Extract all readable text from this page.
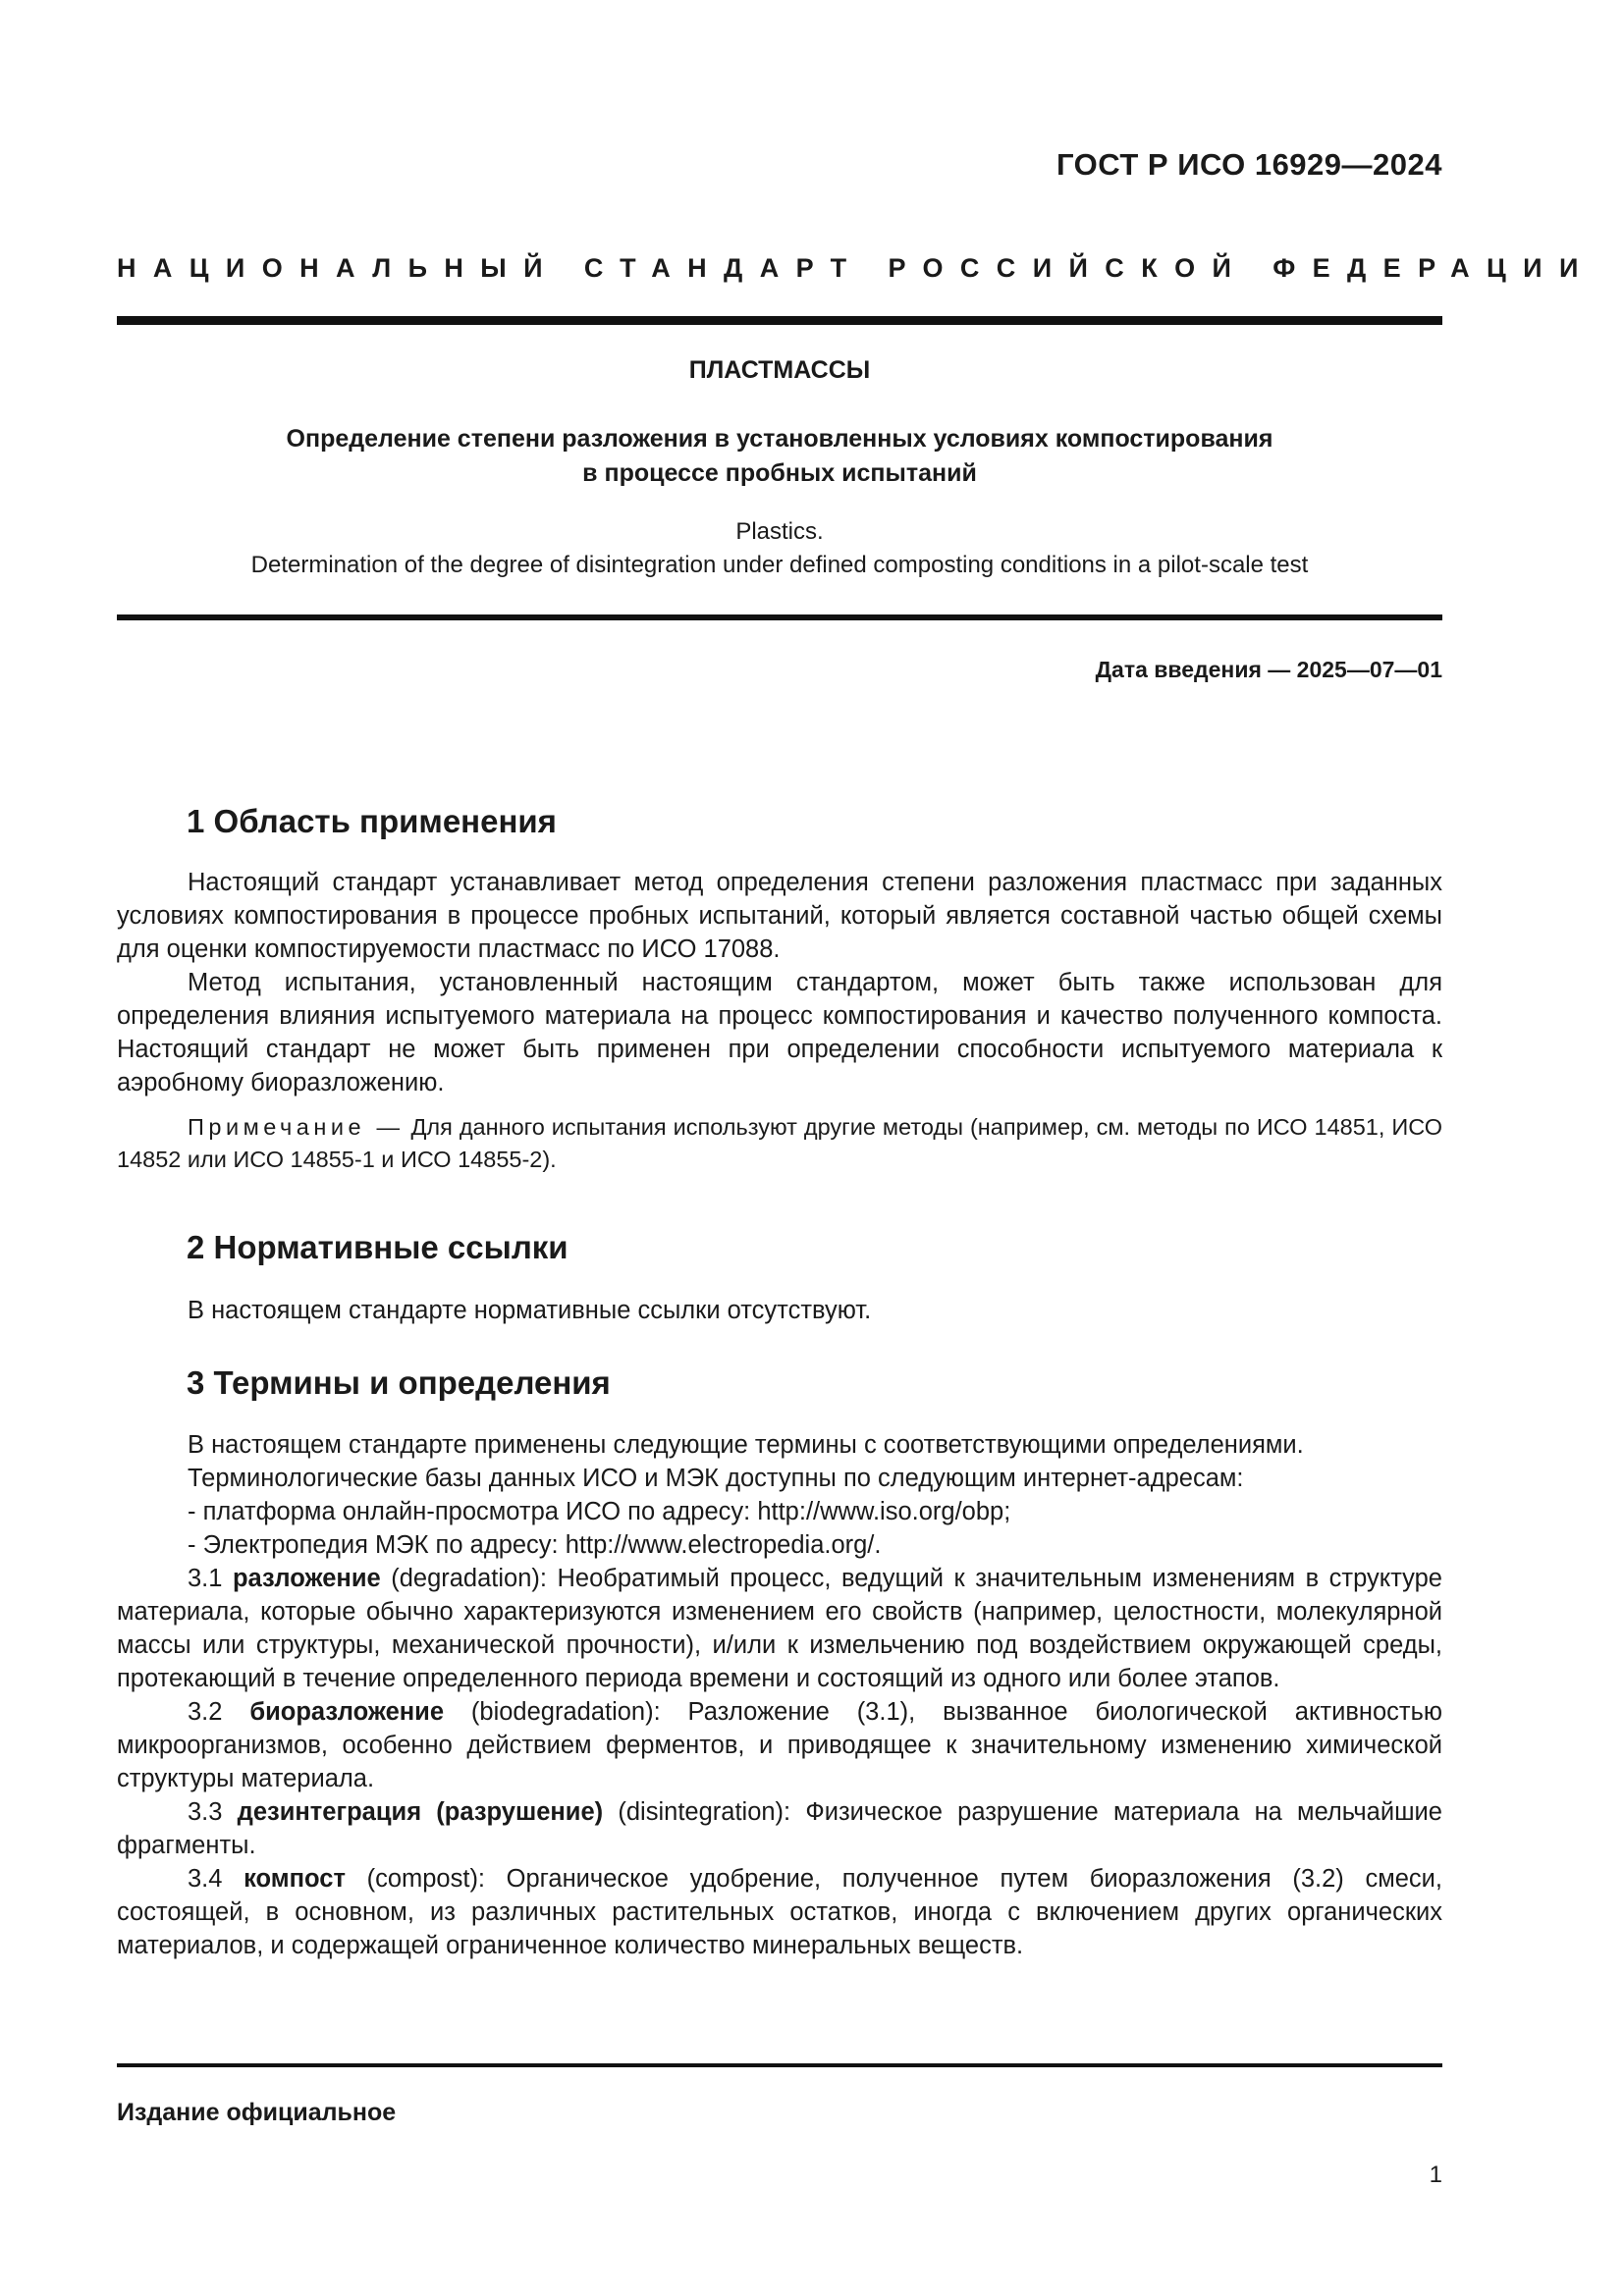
ГОСТ Р ИСО 16929—2024
НАЦИОНАЛЬНЫЙ СТАНДАРТ РОССИЙСКОЙ ФЕДЕРАЦИИ
ПЛАСТМАССЫ
Определение степени разложения в установленных условиях компостирования
в процессе пробных испытаний
Plastics.
Determination of the degree of disintegration under defined composting conditions in a pilot-scale test
Дата введения — 2025—07—01
1 Область применения

Настоящий стандарт устанавливает метод определения степени разложения пластмасс при заданных условиях компостирования в процессе пробных испытаний, который является составной частью общей схемы для оценки компостируемости пластмасс по ИСО 17088.

Метод испытания, установленный настоящим стандартом, может быть также использован для определения влияния испытуемого материала на процесс компостирования и качество полученного компоста. Настоящий стандарт не может быть применен при определении способности испытуемого материала к аэробному биоразложению.

Примечание — Для данного испытания используют другие методы (например, см. методы по ИСО 14851, ИСО 14852 или ИСО 14855-1 и ИСО 14855-2).
2 Нормативные ссылки

В настоящем стандарте нормативные ссылки отсутствуют.

3 Термины и определения
В настоящем стандарте применены следующие термины с соответствующими определениями.
Терминологические базы данных ИСО и МЭК доступны по следующим интернет-адресам:
- платформа онлайн-просмотра ИСО по адресу: http://www.iso.org/obp;
- Электропедия МЭК по адресу: http://www.electropedia.org/.

3.1 разложение (degradation): Необратимый процесс, ведущий к значительным изменениям в структуре материала, которые обычно характеризуются изменением его свойств (например, целостности, молекулярной массы или структуры, механической прочности), и/или к измельчению под воздействием окружающей среды, протекающий в течение определенного периода времени и состоящий из одного или более этапов.

3.2 биоразложение (biodegradation): Разложение (3.1), вызванное биологической активностью микроорганизмов, особенно действием ферментов, и приводящее к значительному изменению химической структуры материала.

3.3 дезинтеграция (разрушение) (disintegration): Физическое разрушение материала на мельчайшие фрагменты.

3.4 компост (compost): Органическое удобрение, полученное путем биоразложения (3.2) смеси, состоящей, в основном, из различных растительных остатков, иногда с включением других органических материалов, и содержащей ограниченное количество минеральных веществ.

Издание официальное
1
